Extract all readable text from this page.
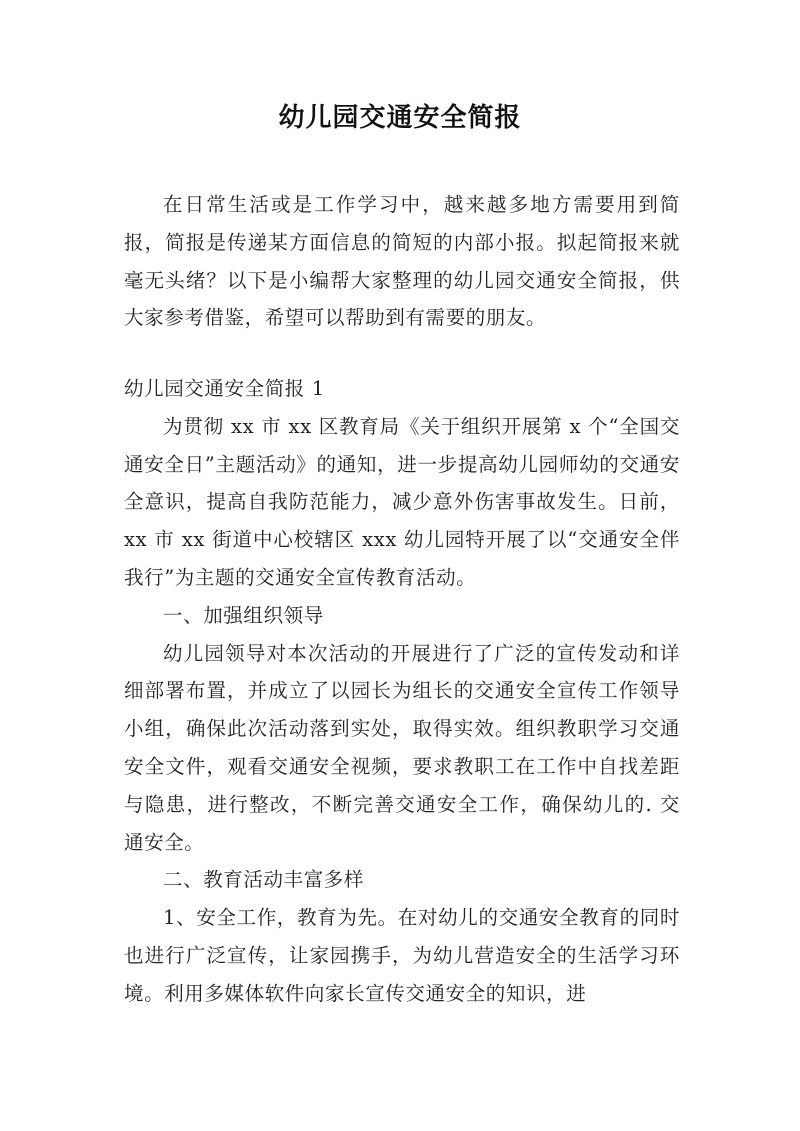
幼儿园交通安全简报

在日常生活或是工作学习中，越来越多地方需要用到简报，简报是传递某方面信息的简短的内部小报。拟起简报来就毫无头绪？以下是小编帮大家整理的幼儿园交通安全简报，供大家参考借鉴，希望可以帮助到有需要的朋友。

幼儿园交通安全简报 1

为贯彻 xx 市 xx 区教育局《关于组织开展第 x 个“全国交通安全日”主题活动》的通知，进一步提高幼儿园师幼的交通安全意识，提高自我防范能力，减少意外伤害事故发生。日前，xx 市 xx 街道中心校辖区 xxx 幼儿园特开展了以“交通安全伴我行”为主题的交通安全宣传教育活动。

一、加强组织领导

幼儿园领导对本次活动的开展进行了广泛的宣传发动和详细部署布置，并成立了以园长为组长的交通安全宣传工作领导小组，确保此次活动落到实处，取得实效。组织教职学习交通安全文件，观看交通安全视频，要求教职工在工作中自找差距与隐患，进行整改，不断完善交通安全工作，确保幼儿的. 交通安全。

二、教育活动丰富多样

1、安全工作，教育为先。在对幼儿的交通安全教育的同时也进行广泛宣传，让家园携手，为幼儿营造安全的生活学习环境。利用多媒体软件向家长宣传交通安全的知识，进
